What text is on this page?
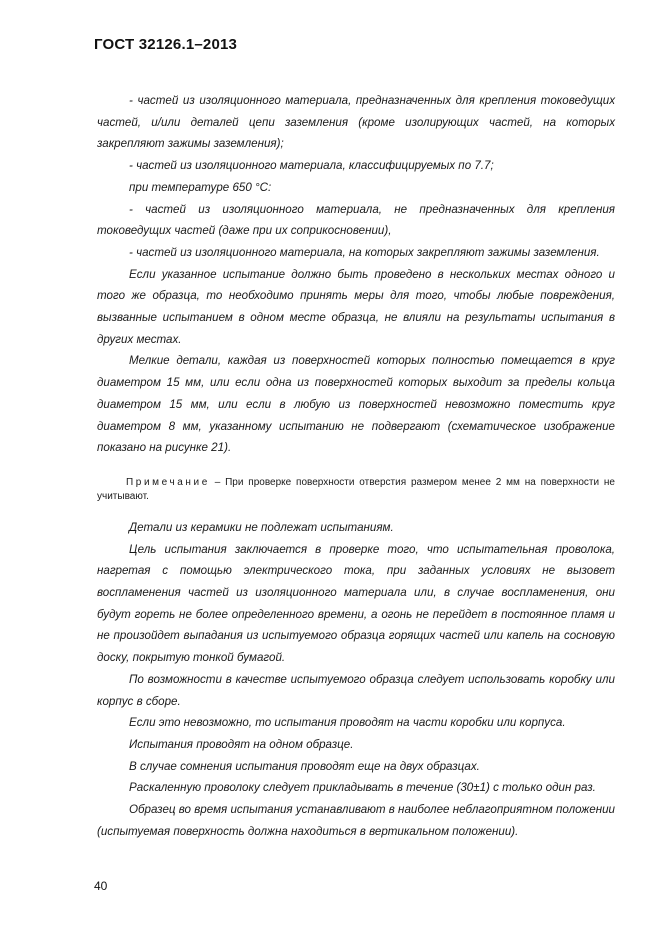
ГОСТ 32126.1–2013

- частей из изоляционного материала, предназначенных для крепления токоведущих частей, и/или деталей цепи заземления (кроме изолирующих частей, на которых закрепляют зажимы заземления);

- частей из изоляционного материала, классифицируемых по 7.7;

при температуре 650 °C:

- частей из изоляционного материала, не предназначенных для крепления токоведущих частей (даже при их соприкосновении),

- частей из изоляционного материала, на которых закрепляют зажимы заземления.

Если указанное испытание должно быть проведено в нескольких местах одного и того же образца, то необходимо принять меры для того, чтобы любые повреждения, вызванные испытанием в одном месте образца, не влияли на результаты испытания в других местах.

Мелкие детали, каждая из поверхностей которых полностью помещается в круг диаметром 15 мм, или если одна из поверхностей которых выходит за пределы кольца диаметром 15 мм, или если в любую из поверхностей невозможно поместить круг диаметром 8 мм, указанному испытанию не подвергают (схематическое изображение показано на рисунке 21).

Примечание – При проверке поверхности отверстия размером менее 2 мм на поверхности не учитывают.

Детали из керамики не подлежат испытаниям.

Цель испытания заключается в проверке того, что испытательная проволока, нагретая с помощью электрического тока, при заданных условиях не вызовет воспламенения частей из изоляционного материала или, в случае воспламенения, они будут гореть не более определенного времени, а огонь не перейдет в постоянное пламя и не произойдет выпадания из испытуемого образца горящих частей или капель на сосновую доску, покрытую тонкой бумагой.

По возможности в качестве испытуемого образца следует использовать коробку или корпус в сборе.

Если это невозможно, то испытания проводят на части коробки или корпуса.

Испытания проводят на одном образце.

В случае сомнения испытания проводят еще на двух образцах.

Раскаленную проволоку следует прикладывать в течение (30±1) с только один раз.

Образец во время испытания устанавливают в наиболее неблагоприятном положении (испытуемая поверхность должна находиться в вертикальном положении).

40
